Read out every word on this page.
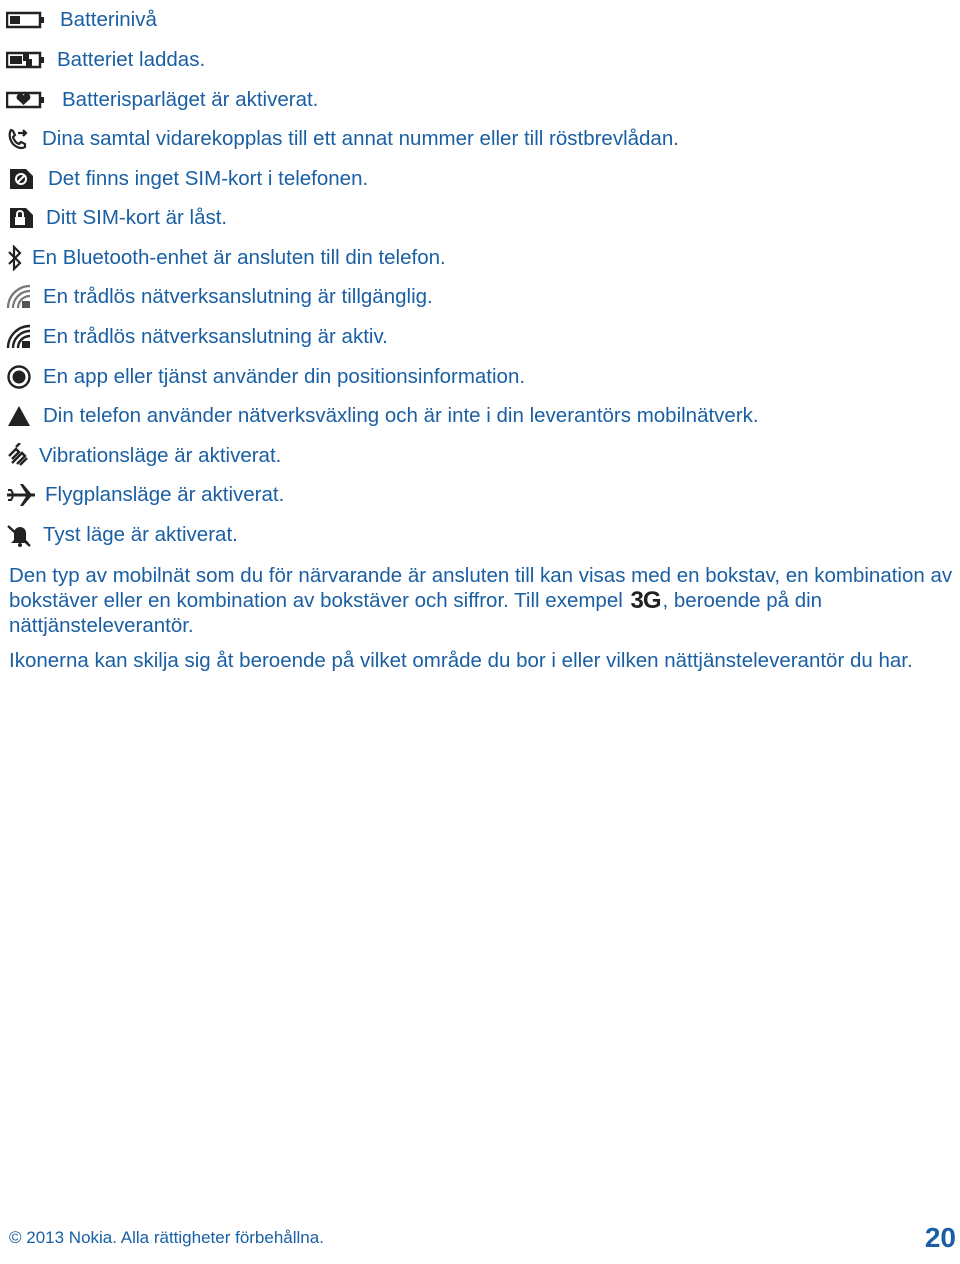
Batterinivå
Batteriet laddas.
Batterisparläget är aktiverat.
Dina samtal vidarekopplas till ett annat nummer eller till röstbrevlådan.
Det finns inget SIM-kort i telefonen.
Ditt SIM-kort är låst.
En Bluetooth-enhet är ansluten till din telefon.
En trådlös nätverksanslutning är tillgänglig.
En trådlös nätverksanslutning är aktiv.
En app eller tjänst använder din positionsinformation.
Din telefon använder nätverksväxling och är inte i din leverantörs mobilnätverk.
Vibrationsläge är aktiverat.
Flygplansläge är aktiverat.
Tyst läge är aktiverat.
Den typ av mobilnät som du för närvarande är ansluten till kan visas med en bokstav, en kombination av bokstäver eller en kombination av bokstäver och siffror. Till exempel 3G, beroende på din nättjänsteleverantör.
Ikonerna kan skilja sig åt beroende på vilket område du bor i eller vilken nättjänsteleverantör du har.
© 2013 Nokia. Alla rättigheter förbehållna.	20
